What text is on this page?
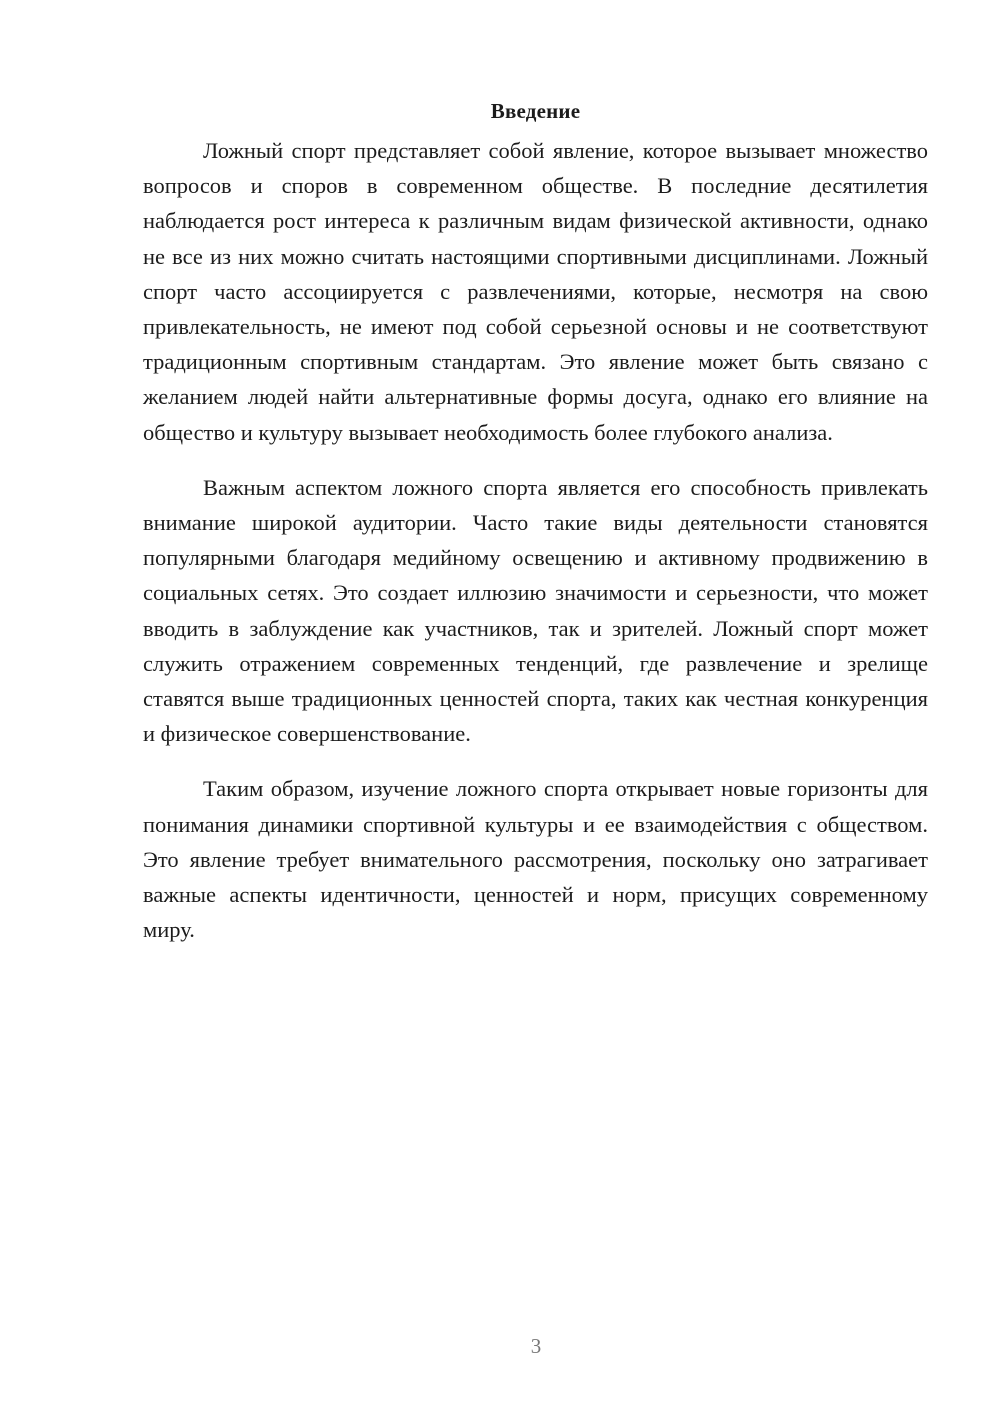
Введение

Ложный спорт представляет собой явление, которое вызывает множество вопросов и споров в современном обществе. В последние десятилетия наблюдается рост интереса к различным видам физической активности, однако не все из них можно считать настоящими спортивными дисциплинами. Ложный спорт часто ассоциируется с развлечениями, которые, несмотря на свою привлекательность, не имеют под собой серьезной основы и не соответствуют традиционным спортивным стандартам. Это явление может быть связано с желанием людей найти альтернативные формы досуга, однако его влияние на общество и культуру вызывает необходимость более глубокого анализа.

Важным аспектом ложного спорта является его способность привлекать внимание широкой аудитории. Часто такие виды деятельности становятся популярными благодаря медийному освещению и активному продвижению в социальных сетях. Это создает иллюзию значимости и серьезности, что может вводить в заблуждение как участников, так и зрителей. Ложный спорт может служить отражением современных тенденций, где развлечение и зрелище ставятся выше традиционных ценностей спорта, таких как честная конкуренция и физическое совершенствование.

Таким образом, изучение ложного спорта открывает новые горизонты для понимания динамики спортивной культуры и ее взаимодействия с обществом. Это явление требует внимательного рассмотрения, поскольку оно затрагивает важные аспекты идентичности, ценностей и норм, присущих современному миру.

3
